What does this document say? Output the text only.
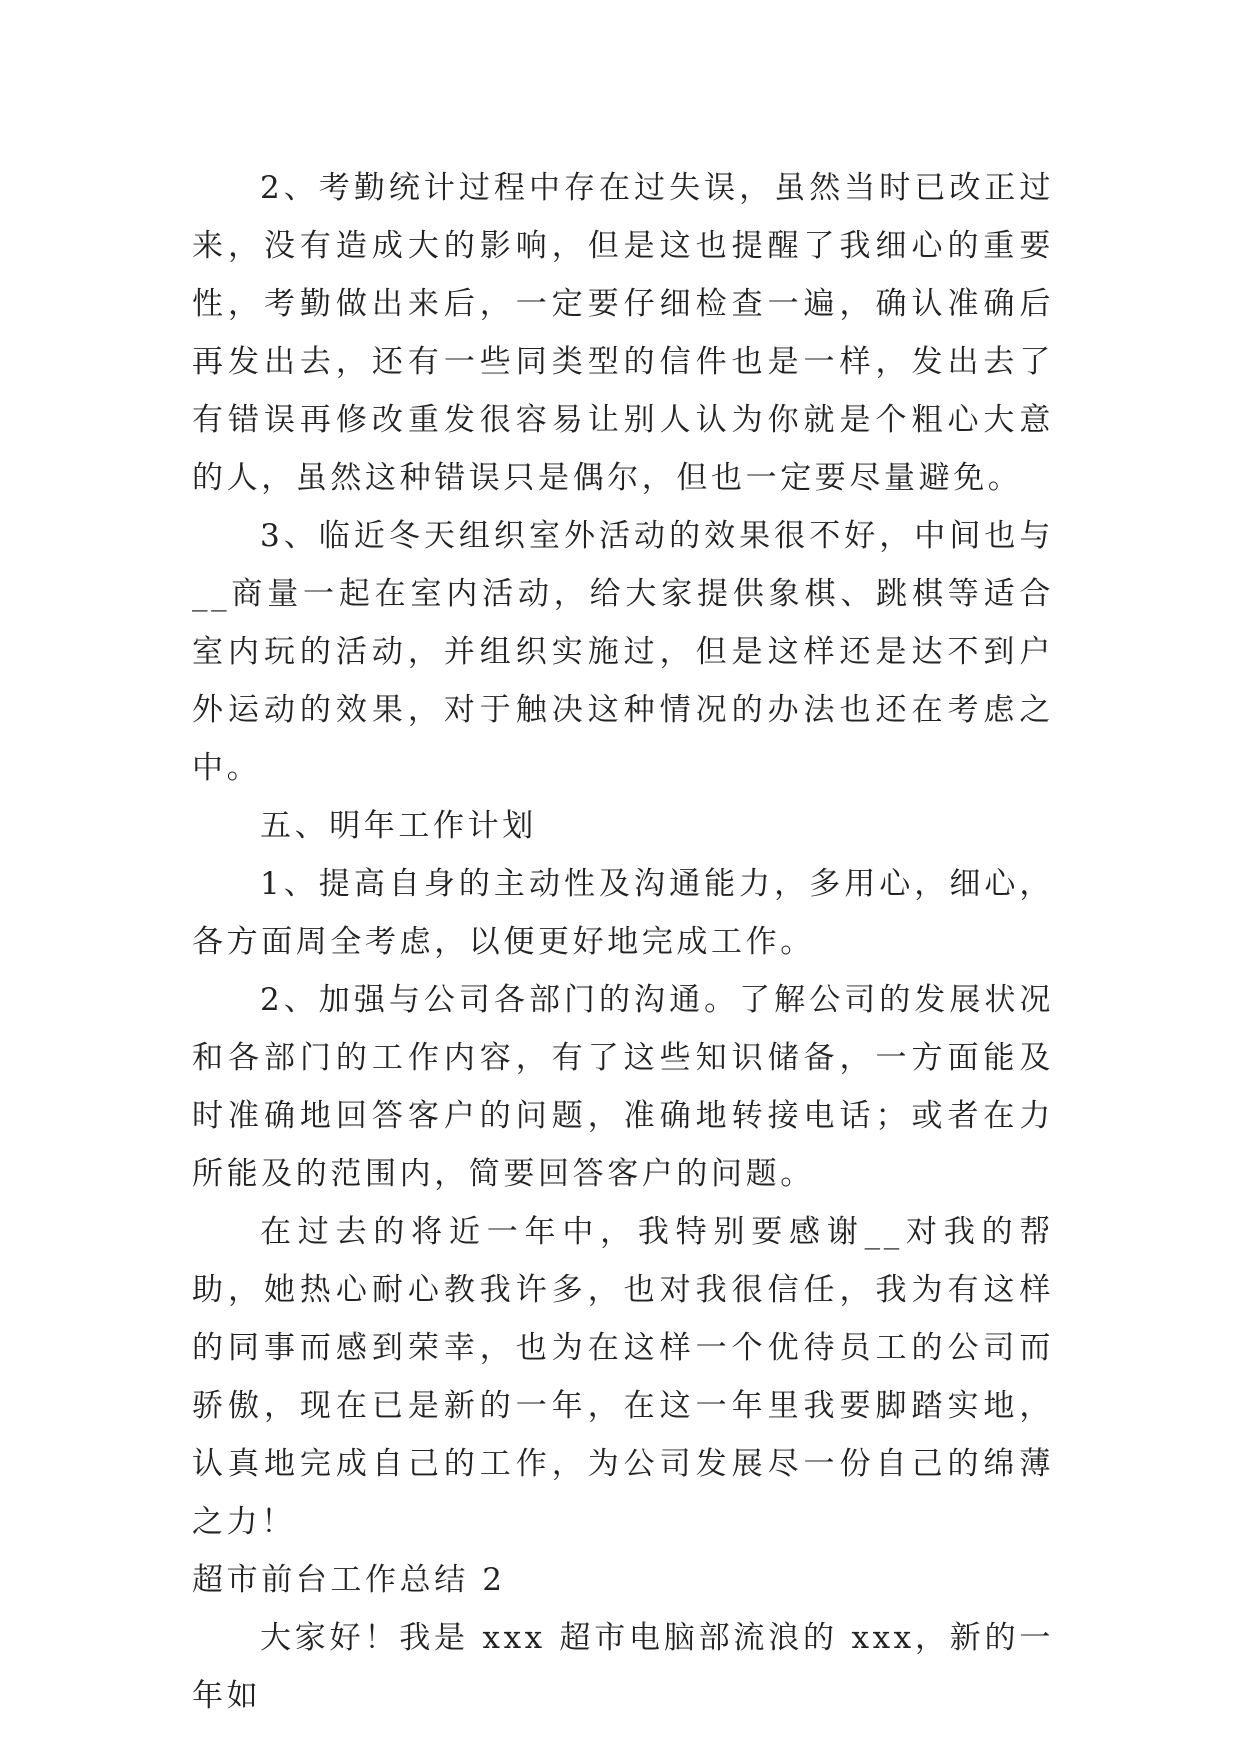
2、考勤统计过程中存在过失误，虽然当时已改正过来，没有造成大的影响，但是这也提醒了我细心的重要性，考勤做出来后，一定要仔细检查一遍，确认准确后再发出去，还有一些同类型的信件也是一样，发出去了有错误再修改重发很容易让别人认为你就是个粗心大意的人，虽然这种错误只是偶尔，但也一定要尽量避免。

3、临近冬天组织室外活动的效果很不好，中间也与__商量一起在室内活动，给大家提供象棋、跳棋等适合室内玩的活动，并组织实施过，但是这样还是达不到户外运动的效果，对于触决这种情况的办法也还在考虑之中。

五、明年工作计划

1、提高自身的主动性及沟通能力，多用心，细心，各方面周全考虑，以便更好地完成工作。

2、加强与公司各部门的沟通。了解公司的发展状况和各部门的工作内容，有了这些知识储备，一方面能及时准确地回答客户的问题，准确地转接电话；或者在力所能及的范围内，简要回答客户的问题。

在过去的将近一年中，我特别要感谢__对我的帮助，她热心耐心教我许多，也对我很信任，我为有这样的同事而感到荣幸，也为在这样一个优待员工的公司而骄傲，现在已是新的一年，在这一年里我要脚踏实地，认真地完成自己的工作，为公司发展尽一份自己的绵薄之力！

超市前台工作总结 2

大家好！我是 xxx 超市电脑部流浪的 xxx，新的一年如
